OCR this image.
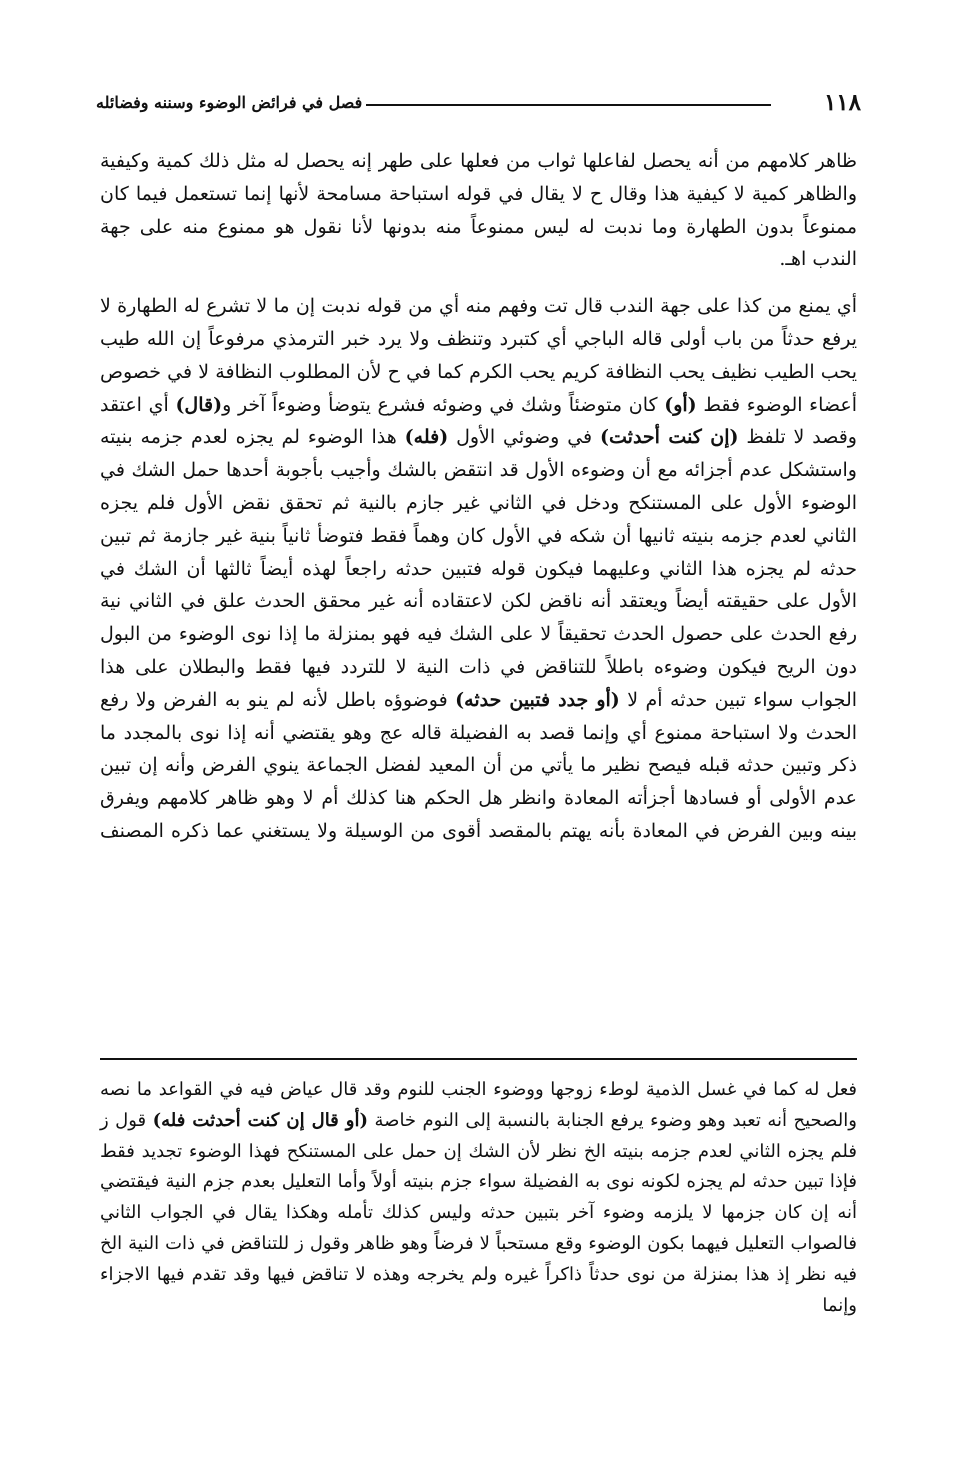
١١٨
فصل في فرائض الوضوء وسننه وفضائله

ظاهر كلامهم من أنه يحصل لفاعلها ثواب من فعلها على طهر إنه يحصل له مثل ذلك كمية وكيفية والظاهر كمية لا كيفية هذا وقال ح لا يقال في قوله استباحة مسامحة لأنها إنما تستعمل فيما كان ممنوعاً بدون الطهارة وما ندبت له ليس ممنوعاً منه بدونها لأنا نقول هو ممنوع منه على جهة الندب اهـ.

أي يمنع من كذا على جهة الندب قال تت وفهم منه أي من قوله ندبت إن ما لا تشرع له الطهارة لا يرفع حدثاً من باب أولى قاله الباجي أي كتبرد وتنظف ولا يرد خبر الترمذي مرفوعاً إن الله طيب يحب الطيب نظيف يحب النظافة كريم يحب الكرم كما في ح لأن المطلوب النظافة لا في خصوص أعضاء الوضوء فقط (أو) كان متوضئاً وشك في وضوئه فشرع يتوضأ وضوءاً آخر و(قال) أي اعتقد وقصد لا تلفظ (إن كنت أحدثت) في وضوئي الأول (فله) هذا الوضوء لم يجزه لعدم جزمه بنيته واستشكل عدم أجزائه مع أن وضوءه الأول قد انتقض بالشك وأجيب بأجوبة أحدها حمل الشك في الوضوء الأول على المستنكح ودخل في الثاني غير جازم بالنية ثم تحقق نقض الأول فلم يجزه الثاني لعدم جزمه بنيته ثانيها أن شكه في الأول كان وهماً فقط فتوضأ ثانياً بنية غير جازمة ثم تبين حدثه لم يجزه هذا الثاني وعليهما فيكون قوله فتبين حدثه راجعاً لهذه أيضاً ثالثها أن الشك في الأول على حقيقته أيضاً ويعتقد أنه ناقض لكن لاعتقاده أنه غير محقق الحدث علق في الثاني نية رفع الحدث على حصول الحدث تحقيقاً لا على الشك فيه فهو بمنزلة ما إذا نوى الوضوء من البول دون الريح فيكون وضوءه باطلاً للتناقض في ذات النية لا للتردد فيها فقط والبطلان على هذا الجواب سواء تبين حدثه أم لا (أو جدد فتبين حدثه) فوضوؤه باطل لأنه لم ينو به الفرض ولا رفع الحدث ولا استباحة ممنوع أي وإنما قصد به الفضيلة قاله عج وهو يقتضي أنه إذا نوى بالمجدد ما ذكر وتبين حدثه قبله فيصح نظير ما يأتي من أن المعيد لفضل الجماعة ينوي الفرض وأنه إن تبين عدم الأولى أو فسادها أجزأته المعادة وانظر هل الحكم هنا كذلك أم لا وهو ظاهر كلامهم ويفرق بينه وبين الفرض في المعادة بأنه يهتم بالمقصد أقوى من الوسيلة ولا يستغني عما ذكره المصنف

فعل له كما في غسل الذمية لوطء زوجها ووضوء الجنب للنوم وقد قال عياض فيه في القواعد ما نصه والصحيح أنه تعبد وهو وضوء يرفع الجنابة بالنسبة إلى النوم خاصة (أو قال إن كنت أحدثت فله) قول ز فلم يجزه الثاني لعدم جزمه بنيته الخ نظر لأن الشك إن حمل على المستنكح فهذا الوضوء تجديد فقط فإذا تبين حدثه لم يجزه لكونه نوى به الفضيلة سواء جزم بنيته أولاً وأما التعليل بعدم جزم النية فيقتضي أنه إن كان جزمها لا يلزمه وضوء آخر بتبين حدثه وليس كذلك تأمله وهكذا يقال في الجواب الثاني فالصواب التعليل فيهما بكون الوضوء وقع مستحباً لا فرضاً وهو ظاهر وقول ز للتناقض في ذات النية الخ فيه نظر إذ هذا بمنزلة من نوى حدثاً ذاكراً غيره ولم يخرجه وهذه لا تناقض فيها وقد تقدم فيها الاجزاء وإنما
